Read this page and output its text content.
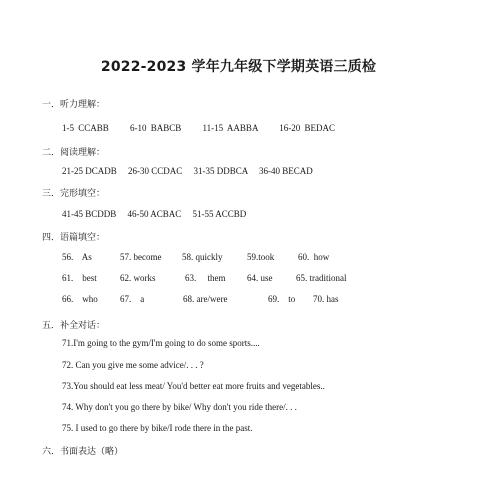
2022-2023 学年九年级下学期英语三质检
一．听力理解：
1-5 CCABB     6-10 BABCB     11-15 AABBA     16-20 BEDAC
二．阅读理解：
21-25 DCADB     26-30 CCDAC     31-35 DDBCA     36-40 BECAD
三．完形填空：
41-45 BCDDB     46-50 ACBAC     51-55 ACCBD
四．语篇填空：
56.    As	57. become 58. quickly	59.took	60.  how
61.    best	62. works	63.     them 64. use	65. traditional
66.    who 67.    a	68. are/were	69.    to 70. has
五．补全对话：
71.I'm going to the gym/I'm going to do some sports....
72. Can you give me some advice/. . . ?
73.You should eat less meat/ You'd better eat more fruits and vegetables..
74. Why don't you go there by bike/ Why don't you ride there/. . .
75. I used to go there by bike/I rode there in the past.
六．书面表达（略）
